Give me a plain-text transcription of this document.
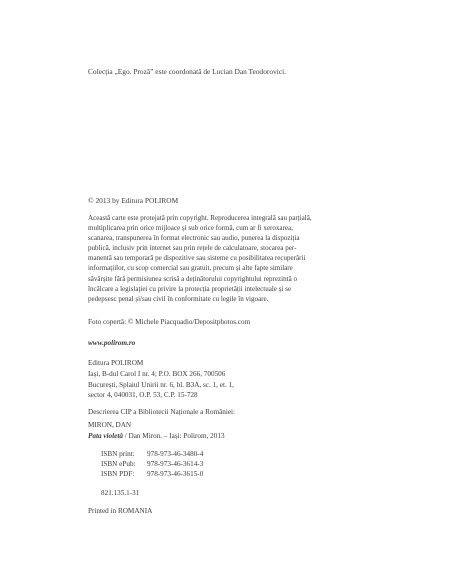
Colecția „Ego. Proză” este coordonată de Lucian Dan Teodorovici.
© 2013 by Editura POLIROM
Această carte este protejată prin copyright. Reproducerea integrală sau parțială,
multiplicarea prin orice mijloace și sub orice formă, cum ar fi xeroxarea,
scanarea, transpunerea în format electronic sau audio, punerea la dispoziția
publică, inclusiv prin internet sau prin rețele de calculatoare, stocarea per-
manentă sau temporară pe dispozitive sau sisteme cu posibilitatea recuperării
informațiilor, cu scop comercial sau gratuit, precum și alte fapte similare
săvârșite fără permisiunea scrisă a deținătorului copyrightului reprezintă o
încălcare a legislației cu privire la protecția proprietății intelectuale și se
pedepsesc penal și/sau civil în conformitate cu legile în vigoare.
Foto copertă: © Michele Piacquadio/Depositphotos.com
www.polirom.ro
Editura POLIROM
Iași, B-dul Carol I nr. 4; P.O. BOX 266, 700506
București, Splaiul Unirii nr. 6, bl. B3A, sc. 1, et. 1,
sector 4, 040031, O.P. 53, C.P. 15-728
Descrierea CIP a Bibliotecii Naționale a României:
MIRON, DAN
Pata violetă / Dan Miron. – Iași: Polirom, 2013
ISBN print: 978-973-46-3480-4
ISBN ePub: 978-973-46-3614-3
ISBN PDF: 978-973-46-3615-0
821.135.1-31
Printed in ROMANIA
